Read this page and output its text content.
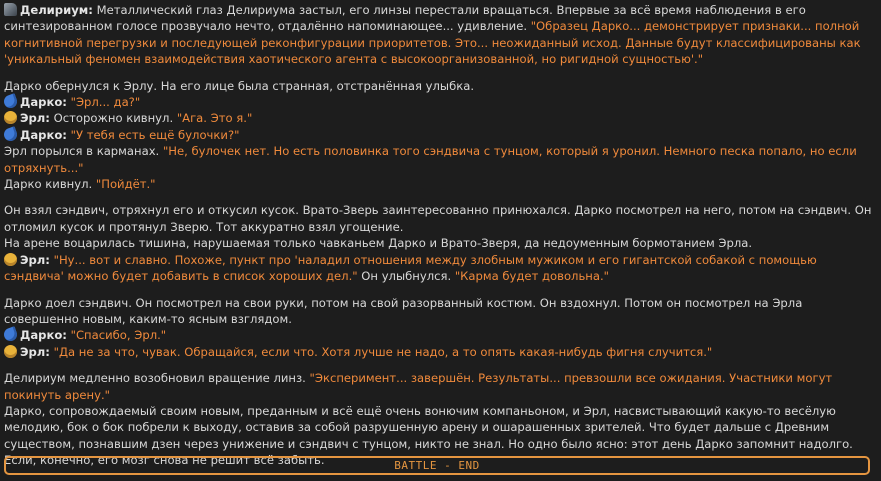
Делириум: Металлический глаз Делириума застыл, его линзы перестали вращаться. Впервые за всё время наблюдения в его синтезированном голосе прозвучало нечто, отдалённо напоминающее... удивление. "Образец Дарко... демонстрирует признаки... полной когнитивной перегрузки и последующей реконфигурации приоритетов. Это... неожиданный исход. Данные будут классифицированы как 'уникальный феномен взаимодействия хаотического агента с высокоорганизованной, но ригидной сущностью'."
Дарко обернулся к Эрлу. На его лице была странная, отстранённая улыбка.
Дарко: "Эрл... да?"
Эрл: Осторожно кивнул. "Ага. Это я."
Дарко: "У тебя есть ещё булочки?"
Эрл порылся в карманах. "Не, булочек нет. Но есть половинка того сэндвича с тунцом, который я уронил. Немного песка попало, но если отряхнуть..."
Дарко кивнул. "Пойдёт."
Он взял сэндвич, отряхнул его и откусил кусок. Врато-Зверь заинтересованно принюхался. Дарко посмотрел на него, потом на сэндвич. Он отломил кусок и протянул Зверю. Тот аккуратно взял угощение.
На арене воцарилась тишина, нарушаемая только чавканьем Дарко и Врато-Зверя, да недоуменным бормотанием Эрла.
Эрл: "Ну... вот и славно. Похоже, пункт про 'наладил отношения между злобным мужиком и его гигантской собакой с помощью сэндвича' можно будет добавить в список хороших дел." Он улыбнулся. "Карма будет довольна."
Дарко доел сэндвич. Он посмотрел на свои руки, потом на свой разорванный костюм. Он вздохнул. Потом он посмотрел на Эрла совершенно новым, каким-то ясным взглядом.
Дарко: "Спасибо, Эрл."
Эрл: "Да не за что, чувак. Обращайся, если что. Хотя лучше не надо, а то опять какая-нибудь фигня случится."
Делириум медленно возобновил вращение линз. "Эксперимент... завершён. Результаты... превзошли все ожидания. Участники могут покинуть арену."
Дарко, сопровождаемый своим новым, преданным и всё ещё очень вонючим компаньоном, и Эрл, насвистывающий какую-то весёлую мелодию, бок о бок побрели к выходу, оставив за собой разрушенную арену и ошарашенных зрителей. Что будет дальше с Древним существом, познавшим дзен через унижение и сэндвич с тунцом, никто не знал. Но одно было ясно: этот день Дарко запомнит надолго. Если, конечно, его мозг снова не решит всё забыть.	BATTLE - END
